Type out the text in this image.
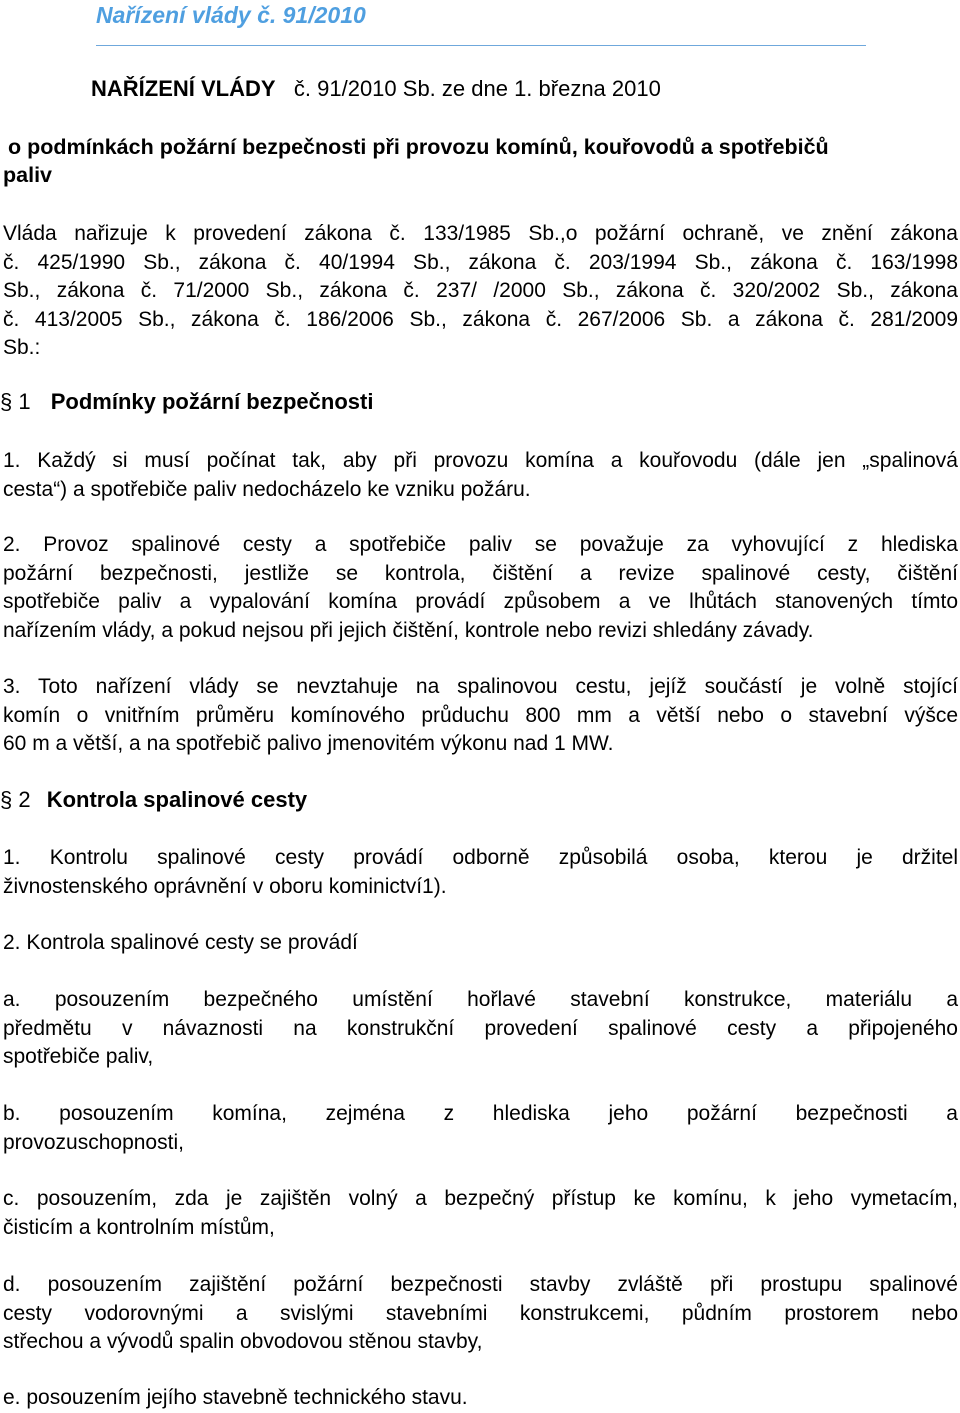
Nařízení vlády č. 91/2010
NAŘÍZENÍ VLÁDY č. 91/2010 Sb. ze dne 1. března 2010
o podmínkách požární bezpečnosti při provozu komínů, kouřovodů a spotřebičů
paliv
Vláda nařizuje k provedení zákona č. 133/1985 Sb.,o požární ochraně, ve znění zákona
č. 425/1990 Sb., zákona č. 40/1994 Sb., zákona č. 203/1994 Sb., zákona č. 163/1998
Sb., zákona č. 71/2000 Sb., zákona č. 237/ /2000 Sb., zákona č. 320/2002 Sb., zákona
č. 413/2005 Sb., zákona č. 186/2006 Sb., zákona č. 267/2006 Sb. a zákona č. 281/2009
Sb.:
§ 1 Podmínky požární bezpečnosti
1. Každý si musí počínat tak, aby při provozu komína a kouřovodu (dále jen „spalinová
cesta“) a spotřebiče paliv nedocházelo ke vzniku požáru.
2. Provoz spalinové cesty a spotřebiče paliv se považuje za vyhovující z hlediska
požární bezpečnosti, jestliže se kontrola, čištění a revize spalinové cesty, čištění
spotřebiče paliv a vypalování komína provádí způsobem a ve lhůtách stanovených tímto
nařízením vlády, a pokud nejsou při jejich čištění, kontrole nebo revizi shledány závady.
3. Toto nařízení vlády se nevztahuje na spalinovou cestu, jejíž součástí je volně stojící
komín o vnitřním průměru komínového průduchu 800 mm a větší nebo o stavební výšce
60 m a větší, a na spotřebič palivo jmenovitém výkonu nad 1 MW.
§ 2 Kontrola spalinové cesty
1. Kontrolu spalinové cesty provádí odborně způsobilá osoba, kterou je držitel
živnostenského oprávnění v oboru kominictví1).
2. Kontrola spalinové cesty se provádí
a. posouzením bezpečného umístění hořlavé stavební konstrukce, materiálu a
předmětu v návaznosti na konstrukční provedení spalinové cesty a připojeného
spotřebiče paliv,
b. posouzením komína, zejména z hlediska jeho požární bezpečnosti a
provozuschopnosti,
c. posouzením, zda je zajištěn volný a bezpečný přístup ke komínu, k jeho vymetacím,
čisticím a kontrolním místům,
d. posouzením zajištění požární bezpečnosti stavby zvláště při prostupu spalinové
cesty vodorovnými a svislými stavebními konstrukcemi, půdním prostorem nebo
střechou a vývodů spalin obvodovou stěnou stavby,
e. posouzením jejího stavebně technického stavu.
